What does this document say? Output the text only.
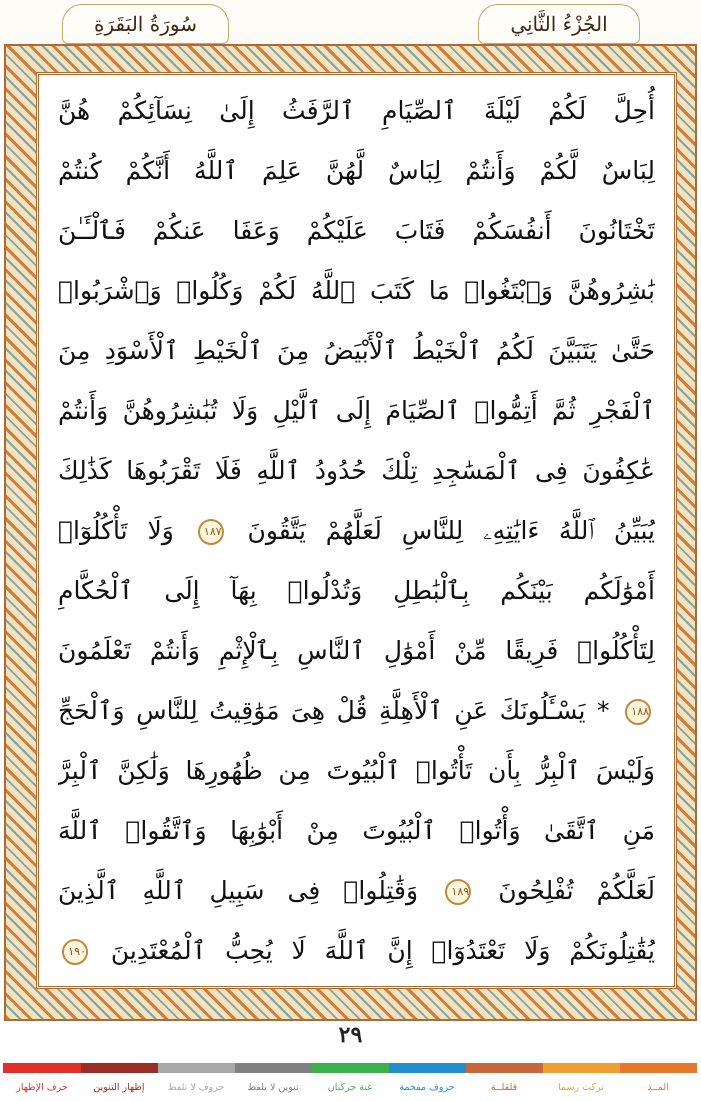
سُورَةُ البَقَرَةِ	الجُزْءُ الثَّانِي
أُحِلَّ لَكُمْ لَيْلَةَ ٱلصِّيَامِ ٱلرَّفَثُ إِلَىٰ نِسَآئِكُمْ هُنَّ
لِبَاسٌ لَّكُمْ وَأَنتُمْ لِبَاسٌ لَّهُنَّ عَلِمَ ٱللَّهُ أَنَّكُمْ كُنتُمْ
تَخْتَانُونَ أَنفُسَكُمْ فَتَابَ عَلَيْكُمْ وَعَفَا عَنكُمْ فَٱلْـَٔـٰنَ
بَٰشِرُوهُنَّ وَٱبْتَغُوا۟ مَا كَتَبَ ٱللَّهُ لَكُمْ وَكُلُوا۟ وَٱشْرَبُوا۟
حَتَّىٰ يَتَبَيَّنَ لَكُمُ ٱلْخَيْطُ ٱلْأَبْيَضُ مِنَ ٱلْخَيْطِ ٱلْأَسْوَدِ مِنَ
ٱلْفَجْرِ ثُمَّ أَتِمُّوا۟ ٱلصِّيَامَ إِلَى ٱلَّيْلِ وَلَا تُبَٰشِرُوهُنَّ وَأَنتُمْ
عَٰكِفُونَ فِى ٱلْمَسَٰجِدِ تِلْكَ حُدُودُ ٱللَّهِ فَلَا تَقْرَبُوهَا كَذَٰلِكَ
يُبَيِّنُ ٱللَّهُ ءَايَٰتِهِۦ لِلنَّاسِ لَعَلَّهُمْ يَتَّقُونَ ١٨٧ وَلَا تَأْكُلُوٓا۟
أَمْوَٰلَكُم بَيْنَكُم بِٱلْبَٰطِلِ وَتُدْلُوا۟ بِهَآ إِلَى ٱلْحُكَّامِ
لِتَأْكُلُوا۟ فَرِيقًا مِّنْ أَمْوَٰلِ ٱلنَّاسِ بِٱلْإِثْمِ وَأَنتُمْ تَعْلَمُونَ
١٨٨ * يَسْـَٔلُونَكَ عَنِ ٱلْأَهِلَّةِ قُلْ هِىَ مَوَٰقِيتُ لِلنَّاسِ وَٱلْحَجِّ
وَلَيْسَ ٱلْبِرُّ بِأَن تَأْتُوا۟ ٱلْبُيُوتَ مِن ظُهُورِهَا وَلَٰكِنَّ ٱلْبِرَّ
مَنِ ٱتَّقَىٰ وَأْتُوا۟ ٱلْبُيُوتَ مِنْ أَبْوَٰبِهَا وَٱتَّقُوا۟ ٱللَّهَ
لَعَلَّكُمْ تُفْلِحُونَ ١٨٩ وَقَٰتِلُوا۟ فِى سَبِيلِ ٱللَّهِ ٱلَّذِينَ
يُقَٰتِلُونَكُمْ وَلَا تَعْتَدُوٓا۟ إِنَّ ٱللَّهَ لَا يُحِبُّ ٱلْمُعْتَدِينَ ١٩٠
٢٩
المــد
تركت رسما
قلقلــة
حروف مفخمة
غنة حركتان
تنوين لا يلفظ
حروف لا تلفظ
إظهار التنوين
حرف الإظهار
